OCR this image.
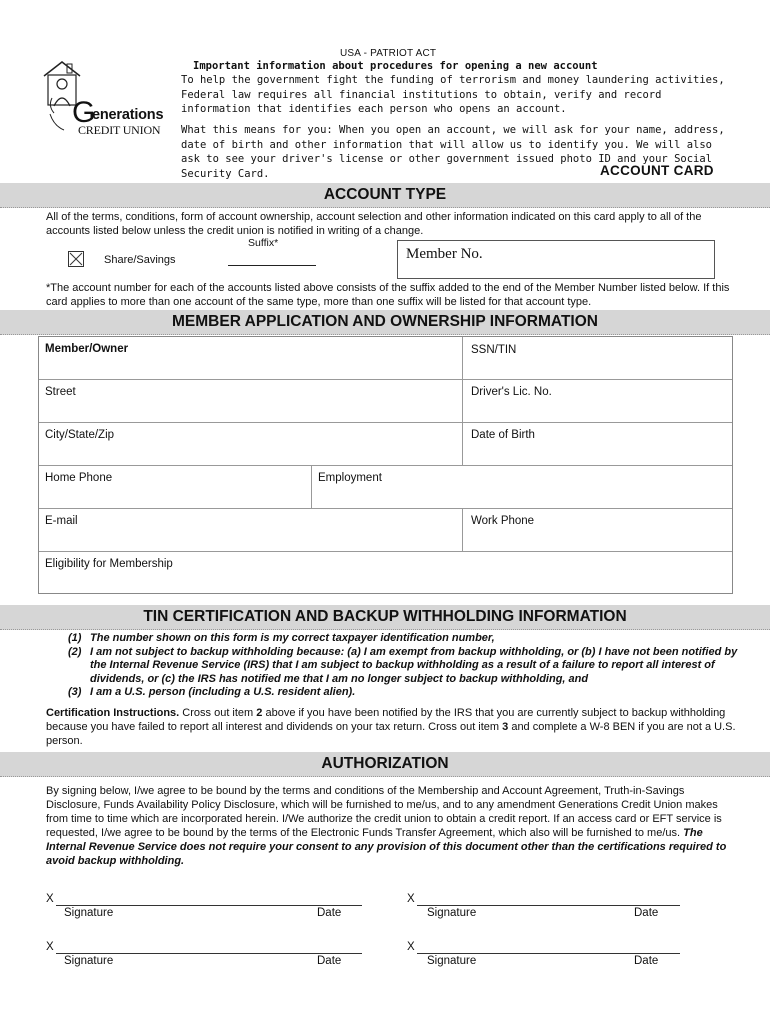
USA - PATRIOT ACT
Important information about procedures for opening a new account
To help the government fight the funding of terrorism and money laundering activities, Federal law requires all financial institutions to obtain, verify and record information that identifies each person who opens an account.
What this means for you: When you open an account, we will ask for your name, address, date of birth and other information that will allow us to identify you. We will also ask to see your driver's license or other government issued photo ID and your Social Security Card.	ACCOUNT CARD
G
enerations
CREDIT UNION
ACCOUNT TYPE
All of the terms, conditions, form of account ownership, account selection and other information indicated on this card apply to all of the accounts listed below unless the credit union is notified in writing of a change.
Suffix*
Share/Savings	Member No.
*The account number for each of the accounts listed above consists of the suffix added to the end of the Member Number listed below. If this card applies to more than one account of the same type, more than one suffix will be listed for that account type.
MEMBER APPLICATION AND OWNERSHIP INFORMATION
Member/Owner	SSN/TIN
Street	Driver's Lic. No.
City/State/Zip	Date of Birth
Home Phone	Employment
E-mail	Work Phone
Eligibility for Membership
TIN CERTIFICATION AND BACKUP WITHHOLDING INFORMATION
(1) The number shown on this form is my correct taxpayer identification number,
(2) I am not subject to backup withholding because: (a) I am exempt from backup withholding, or (b) I have not been notified by the Internal Revenue Service (IRS) that I am subject to backup withholding as a result of a failure to report all interest of dividends, or (c) the IRS has notified me that I am no longer subject to backup withholding, and
(3) I am a U.S. person (including a U.S. resident alien).
Certification Instructions. Cross out item 2 above if you have been notified by the IRS that you are currently subject to backup withholding because you have failed to report all interest and dividends on your tax return. Cross out item 3 and complete a W-8 BEN if you are not a U.S. person.
AUTHORIZATION
By signing below, I/we agree to be bound by the terms and conditions of the Membership and Account Agreement, Truth-in-Savings Disclosure, Funds Availability Policy Disclosure, which will be furnished to me/us, and to any amendment Generations Credit Union makes from time to time which are incorporated herein. I/We authorize the credit union to obtain a credit report. If an access card or EFT service is requested, I/we agree to be bound by the terms of the Electronic Funds Transfer Agreement, which also will be furnished to me/us. The Internal Revenue Service does not require your consent to any provision of this document other than the certifications required to avoid backup withholding.
X
Signature	Date
X
Signature	Date
X
Signature	Date
X
Signature	Date
